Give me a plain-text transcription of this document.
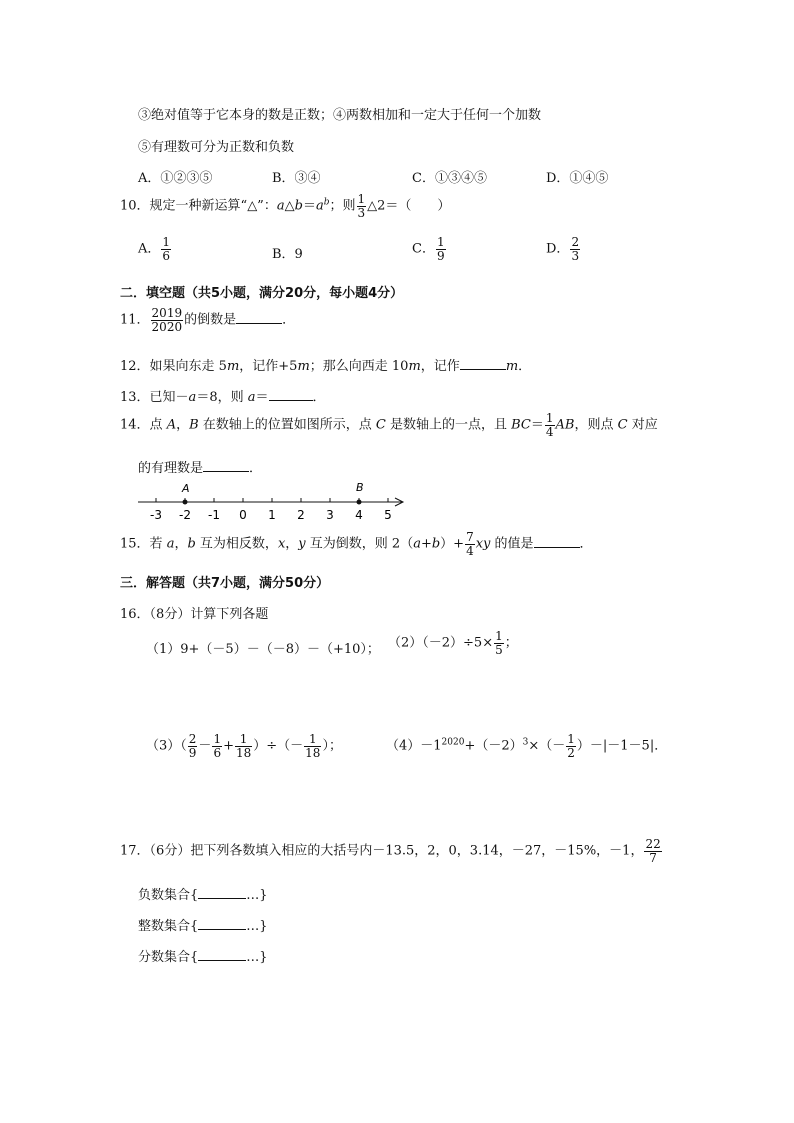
③绝对值等于它本身的数是正数；④两数相加和一定大于任何一个加数
⑤有理数可分为正数和负数
A．①②③⑤	B．③④	C．①③④⑤	D．①④⑤
10．规定一种新运算“△”：$a\triangle b=a^b$；则 $\frac{1}{3}$ △2＝（　　）
A． $\frac{1}{6}$	B．9	C． $\frac{1}{9}$	D． $\frac{2}{3}$
二．填空题（共5小题，满分20分，每小题4分）
11． $\frac{2019}{2020}$ 的倒数是	．
12．如果向东走 5m，记作+5m；那么向西走 10m，记作	m．
13．已知－a＝8，则 a＝	．
14．点 A，B 在数轴上的位置如图所示，点 C 是数轴上的一点，且 $BC= \frac{1}{4}$ AB，则点 C 对应
的有理数是	．
-3 -2 -1 0 1 2 3 4 5
A	B
15．若 a，b 互为相反数，x，y 互为倒数，则 $2(a+b)+ \frac{7}{4}$ xy 的值是	．
三．解答题（共7小题，满分50分）
16．（8分）计算下列各题
（1）9+（－5）－（－8）－（+10）； $(2)(-2)\div 5\times \frac{1}{5}$ ；
$(3)( \frac{2}{9} - \frac{1}{6} + \frac{1}{18}$ ）÷（－ $\frac{1}{18}$ ）；	$(4)-1^{2020}+(-2)^3\times(- \frac{1}{2} )-|-1-5|$．
17．（6分）把下列各数填入相应的大括号内－13.5，2，0，3.14，－27，－15%，－1， $\frac{22}{7}$
负数集合{	…}
整数集合{	…}
分数集合{	…}
